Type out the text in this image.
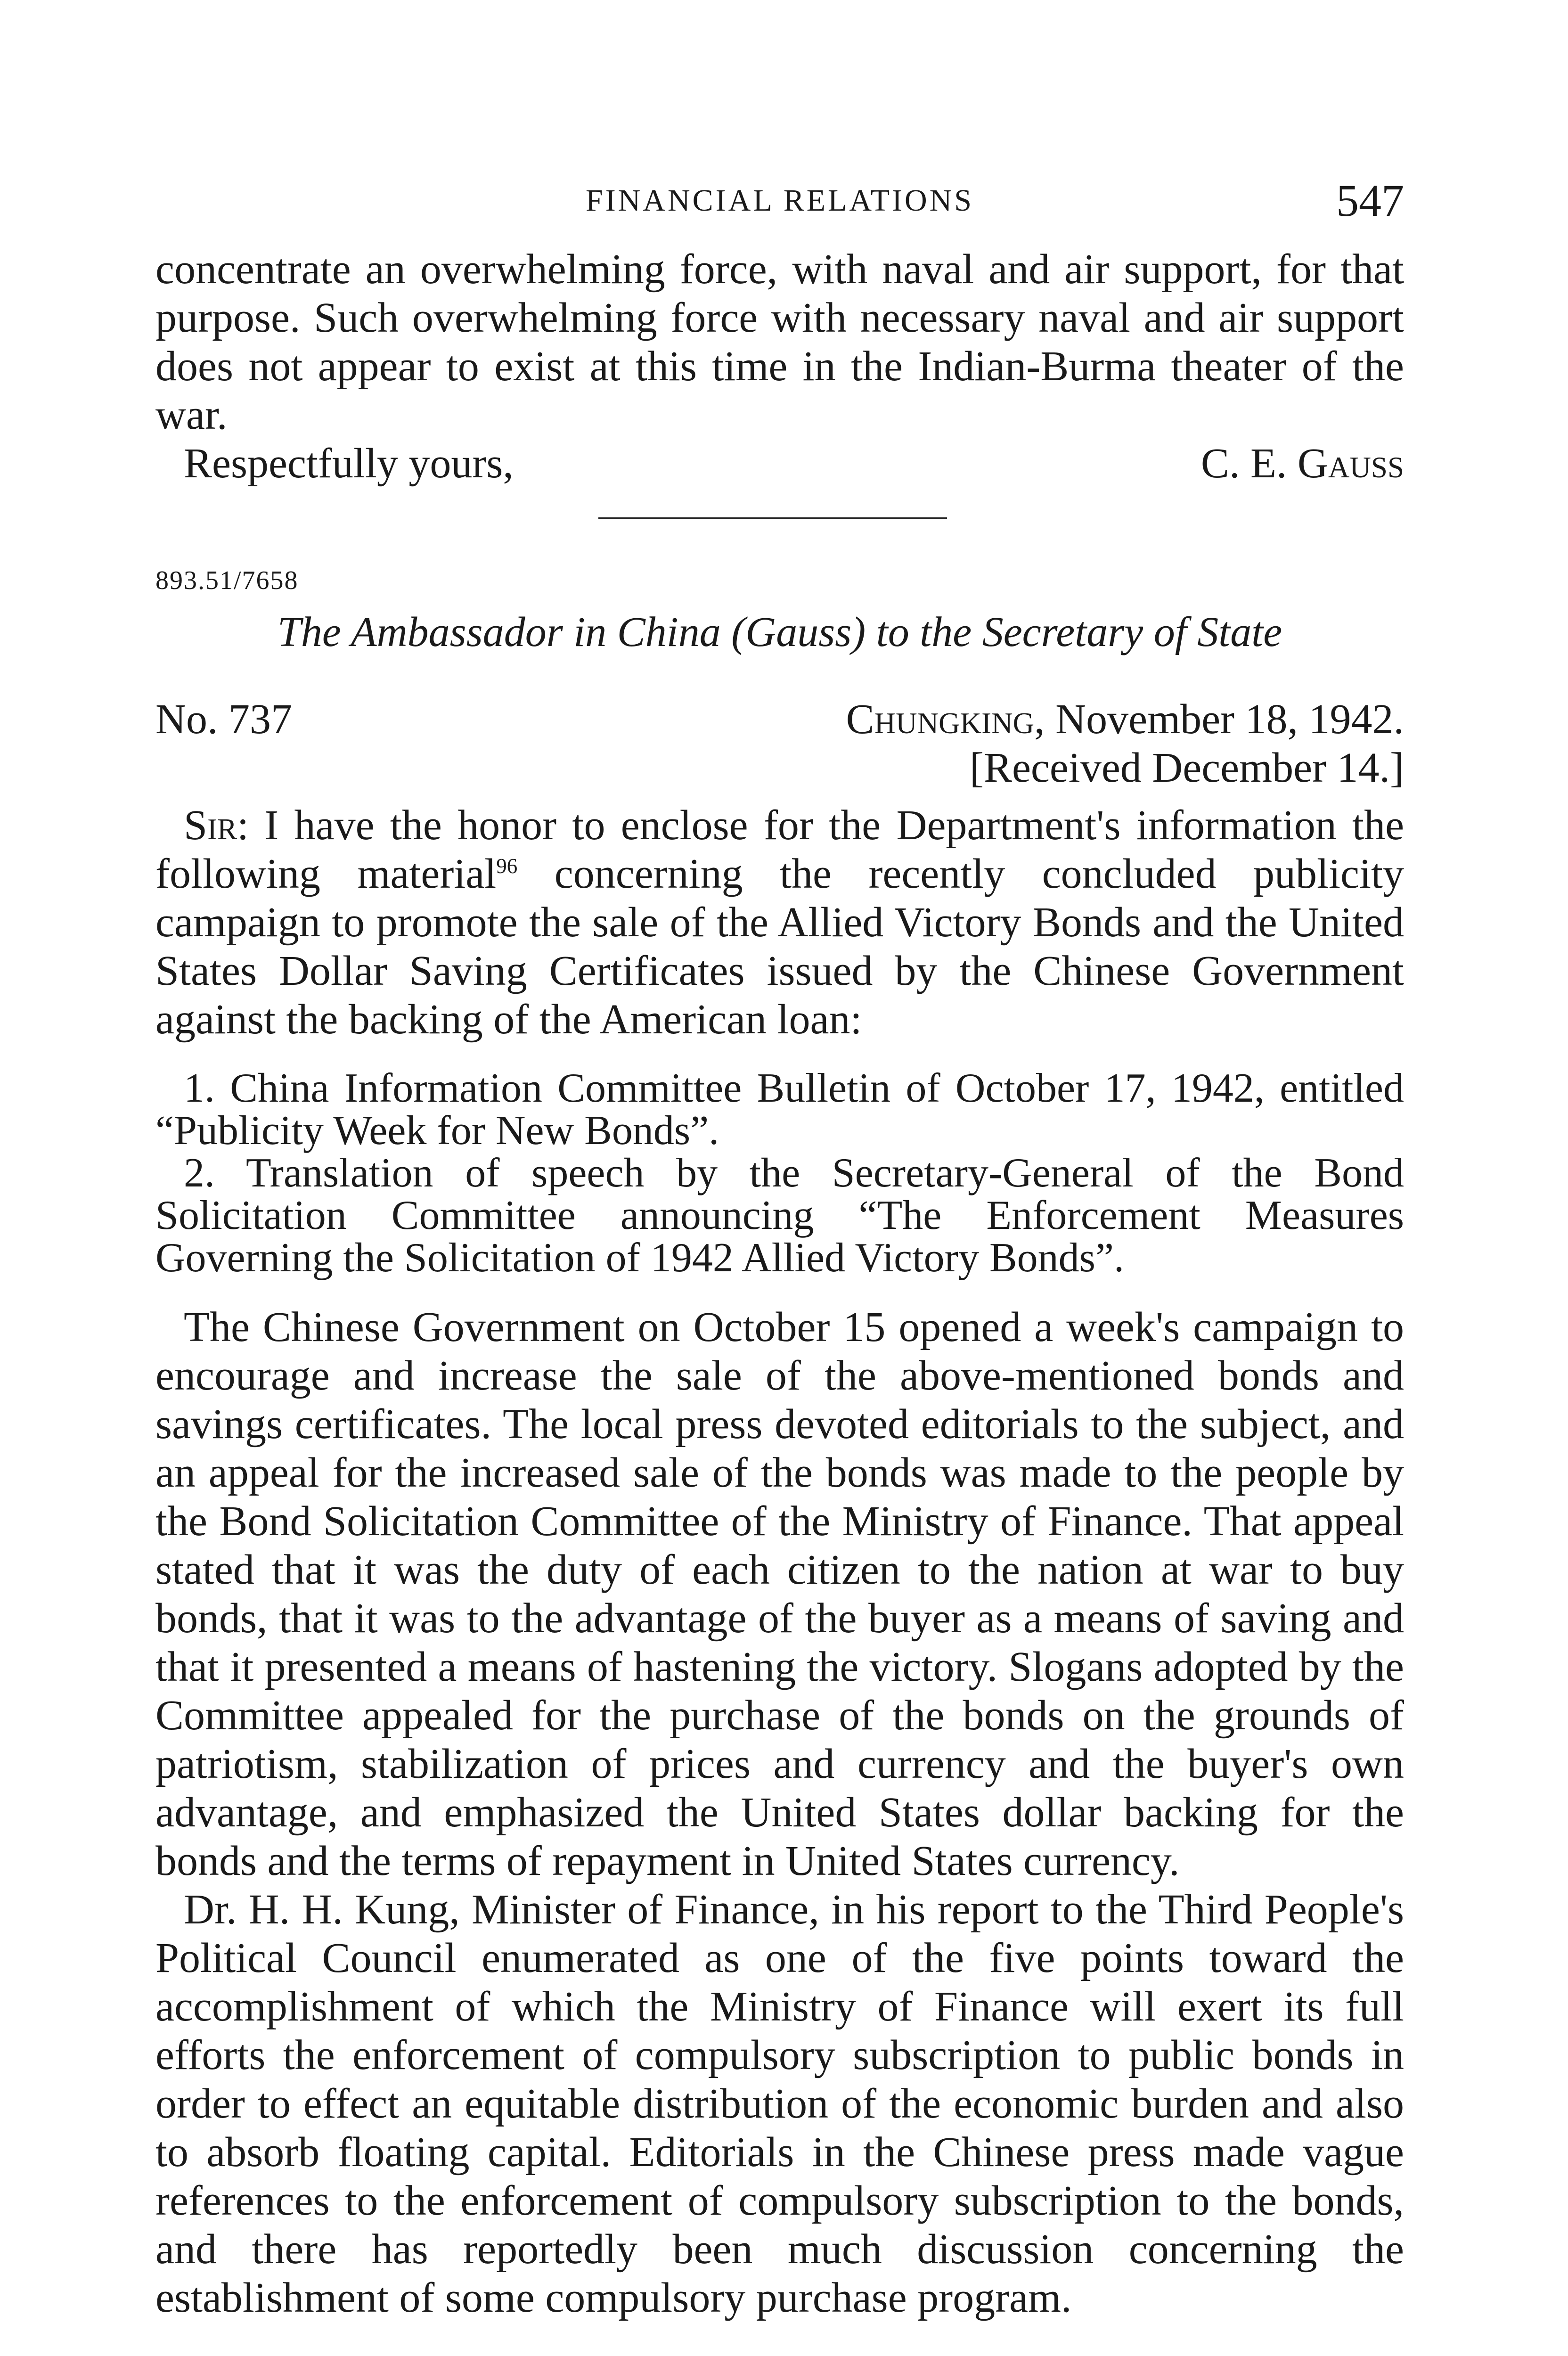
FINANCIAL RELATIONS	547

concentrate an overwhelming force, with naval and air support, for that purpose. Such overwhelming force with necessary naval and air support does not appear to exist at this time in the Indian-Burma theater of the war.

Respectfully yours,	C. E. Gauss
893.51/7658
The Ambassador in China (Gauss) to the Secretary of State
No. 737	Chungking, November 18, 1942.
[Received December 14.]

Sir: I have the honor to enclose for the Department's information the following material$^{96}$ concerning the recently concluded publicity campaign to promote the sale of the Allied Victory Bonds and the United States Dollar Saving Certificates issued by the Chinese Government against the backing of the American loan:

1. China Information Committee Bulletin of October 17, 1942, entitled “Publicity Week for New Bonds”.

2. Translation of speech by the Secretary-General of the Bond Solicitation Committee announcing “The Enforcement Measures Governing the Solicitation of 1942 Allied Victory Bonds”.

The Chinese Government on October 15 opened a week's campaign to encourage and increase the sale of the above-mentioned bonds and savings certificates. The local press devoted editorials to the subject, and an appeal for the increased sale of the bonds was made to the people by the Bond Solicitation Committee of the Ministry of Finance. That appeal stated that it was the duty of each citizen to the nation at war to buy bonds, that it was to the advantage of the buyer as a means of saving and that it presented a means of hastening the victory. Slogans adopted by the Committee appealed for the purchase of the bonds on the grounds of patriotism, stabilization of prices and currency and the buyer's own advantage, and emphasized the United States dollar backing for the bonds and the terms of repayment in United States currency.

Dr. H. H. Kung, Minister of Finance, in his report to the Third People's Political Council enumerated as one of the five points toward the accomplishment of which the Ministry of Finance will exert its full efforts the enforcement of compulsory subscription to public bonds in order to effect an equitable distribution of the economic burden and also to absorb floating capital. Editorials in the Chinese press made vague references to the enforcement of compulsory subscription to the bonds, and there has reportedly been much discussion concerning the establishment of some compulsory purchase program.
